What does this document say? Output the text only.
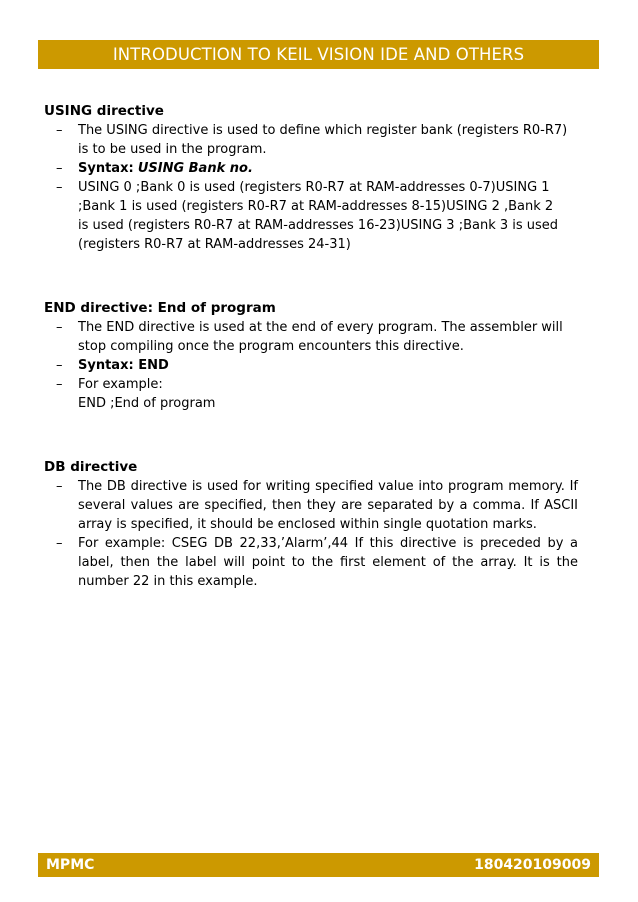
INTRODUCTION TO KEIL VISION IDE AND OTHERS
USING directive
– The USING directive is used to define which register bank (registers R0-R7) is to be used in the program.
– Syntax: USING Bank no.
– USING 0 ;Bank 0 is used (registers R0-R7 at RAM-addresses 0-7)USING 1
;Bank 1 is used (registers R0-R7 at RAM-addresses 8-15)USING 2 ,Bank 2
is used (registers R0-R7 at RAM-addresses 16-23)USING 3 ;Bank 3 is used
(registers R0-R7 at RAM-addresses 24-31)
END directive: End of program
– The END directive is used at the end of every program. The assembler will stop compiling once the program encounters this directive.
– Syntax: END
– For example:
END ;End of program
DB directive
– The DB directive is used for writing specified value into program memory. If several values are specified, then they are separated by a comma. If ASCII array is specified, it should be enclosed within single quotation marks.
– For example: CSEG DB 22,33,’Alarm’,44 If this directive is preceded by a label, then the label will point to the first element of the array. It is the number 22 in this example.
MPMC	180420109009
